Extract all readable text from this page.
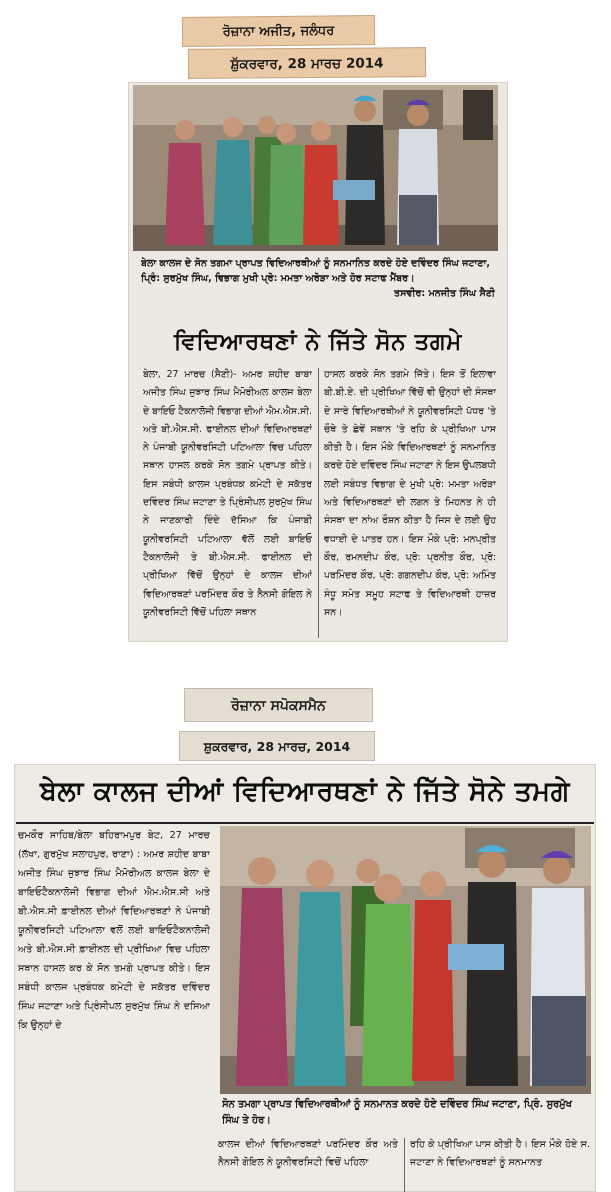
ਰੋਜ਼ਾਨਾ ਅਜੀਤ, ਜਲੰਧਰ
ਸ਼ੁੱਕਰਵਾਰ, 28 ਮਾਰਚ 2014
ਬੇਲਾ ਕਾਲਜ ਦੇ ਸੋਨ ਤਗਮਾ ਪ੍ਰਾਪਤ ਵਿਦਿਆਰਥੀਆਂ ਨੂੰ ਸਨਮਾਨਿਤ ਕਰਦੇ ਹੋਏ ਦਵਿੰਦਰ ਸਿੰਘ ਜਟਾਣਾ, ਪ੍ਰਿੰ: ਸੁਰਮੁੱਖ ਸਿੰਘ, ਵਿਭਾਗ ਮੁਖੀ ਪ੍ਰੋ: ਮਮਤਾ ਅਰੋੜਾ ਅਤੇ ਹੋਰ ਸਟਾਫ ਮੈਂਬਰ।
ਤਸਵੀਰ: ਮਨਜੀਤ ਸਿੰਘ ਸੈਣੀ
ਵਿਦਿਆਰਥਣਾਂ ਨੇ ਜਿੱਤੇ ਸੋਨ ਤਗਮੇ
ਬੇਲਾ, 27 ਮਾਰਚ (ਸੈਣੀ)- ਅਮਰ ਸ਼ਹੀਦ ਬਾਬਾ ਅਜੀਤ ਸਿੰਘ ਜੁਝਾਰ ਸਿੰਘ ਮੈਮੋਰੀਅਲ ਕਾਲਜ ਬੇਲਾ ਦੇ ਬਾਇਓ ਟੈਕਨਾਲੋਜੀ ਵਿਭਾਗ ਦੀਆਂ ਐਮ.ਐਸ.ਸੀ. ਅਤੇ ਬੀ.ਐਸ.ਸੀ. ਫਾਈਨਲ ਦੀਆਂ ਵਿਦਿਆਰਥਣਾਂ ਨੇ ਪੰਜਾਬੀ ਯੂਨੀਵਰਸਿਟੀ ਪਟਿਆਲਾ ਵਿਚ ਪਹਿਲਾ ਸਥਾਨ ਹਾਸਲ ਕਰਕੇ ਸੋਨ ਤਗਮੇ ਪ੍ਰਾਪਤ ਕੀਤੇ। ਇਸ ਸਬੰਧੀ ਕਾਲਜ ਪ੍ਰਬੰਧਕ ਕਮੇਟੀ ਦੇ ਸਕੱਤਰ ਦਵਿੰਦਰ ਸਿੰਘ ਜਟਾਣਾ ਤੇ ਪ੍ਰਿੰਸੀਪਲ ਸੁਰਮੁੱਖ ਸਿੰਘ ਨੇ ਜਾਣਕਾਰੀ ਦਿੰਦੇ ਦੱਸਿਆ ਕਿ ਪੰਜਾਬੀ ਯੂਨੀਵਰਸਿਟੀ ਪਟਿਆਲਾ ਵੱਲੋਂ ਲਈ ਬਾਇਓ ਟੈਕਨਾਲੋਜੀ ਤੇ ਬੀ.ਐਸ.ਸੀ. ਫਾਈਨਲ ਦੀ ਪ੍ਰੀਖਿਆ ਵਿੱਚੋਂ ਉਨ੍ਹਾਂ ਦੇ ਕਾਲਜ ਦੀਆਂ ਵਿਦਿਆਰਥਣਾਂ ਪਰਮਿੰਦਰ ਕੌਰ ਤੇ ਨੈਨਸੀ ਗੋਇਲ ਨੇ ਯੂਨੀਵਰਸਿਟੀ ਵਿੱਚੋਂ ਪਹਿਲਾ ਸਥਾਨ
ਹਾਸਲ ਕਰਕੇ ਸੋਨ ਤਗਮੇ ਜਿੱਤੇ। ਇਸ ਤੋਂ ਇਲਾਵਾ ਬੀ.ਬੀ.ਏ. ਦੀ ਪ੍ਰੀਖਿਆ ਵਿੱਚੋਂ ਵੀ ਉਨ੍ਹਾਂ ਦੀ ਸੰਸਥਾ ਦੇ ਸਾਰੇ ਵਿਦਿਆਰਥੀਆਂ ਨੇ ਯੂਨੀਵਰਸਿਟੀ ਪੱਧਰ 'ਤੇ ਚੌਥੇ ਤੇ ਛੇਵੇਂ ਸਥਾਨ 'ਤੇ ਰਹਿ ਕੇ ਪ੍ਰੀਖਿਆ ਪਾਸ ਕੀਤੀ ਹੈ। ਇਸ ਮੌਕੇ ਵਿਦਿਆਰਥਣਾਂ ਨੂੰ ਸਨਮਾਨਿਤ ਕਰਦੇ ਹੋਏ ਦਵਿੰਦਰ ਸਿੰਘ ਜਟਾਣਾ ਨੇ ਇਸ ਉਪਲਬਧੀ ਲਈ ਸਬੰਧਤ ਵਿਭਾਗ ਦੇ ਮੁਖੀ ਪ੍ਰੋ: ਮਮਤਾ ਅਰੋੜਾ ਅਤੇ ਵਿਦਿਆਰਥਣਾਂ ਦੀ ਲਗਨ ਤੇ ਮਿਹਨਤ ਨੇ ਹੀ ਸੰਸਥਾ ਦਾ ਨਾਂਅ ਰੌਸ਼ਨ ਕੀਤਾ ਹੈ ਜਿਸ ਦੇ ਲਈ ਉਹ ਵਧਾਈ ਦੇ ਪਾਤਰ ਹਨ। ਇਸ ਮੌਕੇ ਪ੍ਰੋ: ਮਨਪ੍ਰੀਤ ਕੌਰ, ਰਮਨਦੀਪ ਕੌਰ, ਪ੍ਰੋ: ਪ੍ਰਨੀਤ ਕੌਰ, ਪ੍ਰੋ: ਪਰਮਿੰਦਰ ਕੌਰ, ਪ੍ਰੋ: ਗਗਨਦੀਪ ਕੌਰ, ਪ੍ਰੋ: ਅਮਿੰਤ ਸੰਧੂ ਸਮੇਤ ਸਮੂਹ ਸਟਾਫ ਤੇ ਵਿਦਿਆਰਥੀ ਹਾਜ਼ਰ ਸਨ।
ਰੋਜ਼ਾਨਾ ਸਪੋਕਸਮੈਨ
ਸ਼ੁਕਰਵਾਰ, 28 ਮਾਰਚ, 2014
ਬੇਲਾ ਕਾਲਜ ਦੀਆਂ ਵਿਦਿਆਰਥਣਾਂ ਨੇ ਜਿੱਤੇ ਸੋਨੇ ਤਮਗੇ
ਚਮਕੌਰ ਸਾਹਿਬ/ਬੇਲਾ ਬਹਿਰਾਮਪੁਰ ਬੇਟ, 27 ਮਾਰਚ (ਲੱਖਾ, ਗੁਰਮੁੱਖ ਸਲਾਹਪੁਰ, ਰਾਣਾ) : ਅਮਰ ਸ਼ਹੀਦ ਬਾਬਾ ਅਜੀਤ ਸਿੰਘ ਜੁਝਾਰ ਸਿੰਘ ਮੈਮੋਰੀਅਲ ਕਾਲਜ ਬੇਲਾ ਦੇ ਬਾਇਓਟੈਕਨਾਲੋਜੀ ਵਿਭਾਗ ਦੀਆਂ ਐਮ.ਐਸ.ਸੀ ਅਤੇ ਬੀ.ਐਸ.ਸੀ ਫ਼ਾਈਨਲ ਦੀਆਂ ਵਿਦਿਆਰਥਣਾਂ ਨੇ ਪੰਜਾਬੀ ਯੂਨੀਵਰਸਿਟੀ ਪਟਿਆਲਾ ਵਲੋਂ ਲਈ ਬਾਇਓਟੈਕਨਾਲੋਜੀ ਅਤੇ ਬੀ.ਐਸ.ਸੀ ਫ਼ਾਈਨਲ ਦੀ ਪ੍ਰੀਖਿਆ ਵਿਚ ਪਹਿਲਾ ਸਥਾਨ ਹਾਸਲ ਕਰ ਕੇ ਸੋਨ ਤਮਗੇ ਪ੍ਰਾਪਤ ਕੀਤੇ। ਇਸ ਸਬੰਧੀ ਕਾਲਜ ਪ੍ਰਬੰਧਕ ਕਮੇਟੀ ਦੇ ਸਕੱਤਰ ਦਵਿੰਦਰ ਸਿੰਘ ਜਟਾਣਾ ਅਤੇ ਪ੍ਰਿੰਸੀਪਲ ਸੁਰਮੁੱਖ ਸਿੰਘ ਨੇ ਦਸਿਆ ਕਿ ਉਨ੍ਹਾਂ ਦੇ
ਸੋਨ ਤਮਗਾ ਪ੍ਰਾਪਤ ਵਿਦਿਆਰਥੀਆਂ ਨੂੰ ਸਨਮਾਨਤ ਕਰਦੇ ਹੋਏ ਦਵਿੰਦਰ ਸਿੰਘ ਜਟਾਣਾ, ਪ੍ਰਿੰ. ਸੁਰਮੁੱਖ ਸਿੰਘ ਤੇ ਹੋਰ।
ਕਾਲਜ ਦੀਆਂ ਵਿਦਿਆਰਥਣਾਂ ਪਰਮਿੰਦਰ ਕੌਰ ਅਤੇ ਨੈਨਸੀ ਗੋਇਲ ਨੇ ਯੂਨੀਵਰਸਿਟੀ ਵਿਚੋਂ ਪਹਿਲਾ
ਰਹਿ ਕੇ ਪ੍ਰੀਖਿਆ ਪਾਸ ਕੀਤੀ ਹੈ। ਇਸ ਮੌਕੇ ਹੋਏ ਸ. ਜਟਾਣਾ ਨੇ ਵਿਦਿਆਰਥਣਾਂ ਨੂੰ ਸਨਮਾਨਤ
